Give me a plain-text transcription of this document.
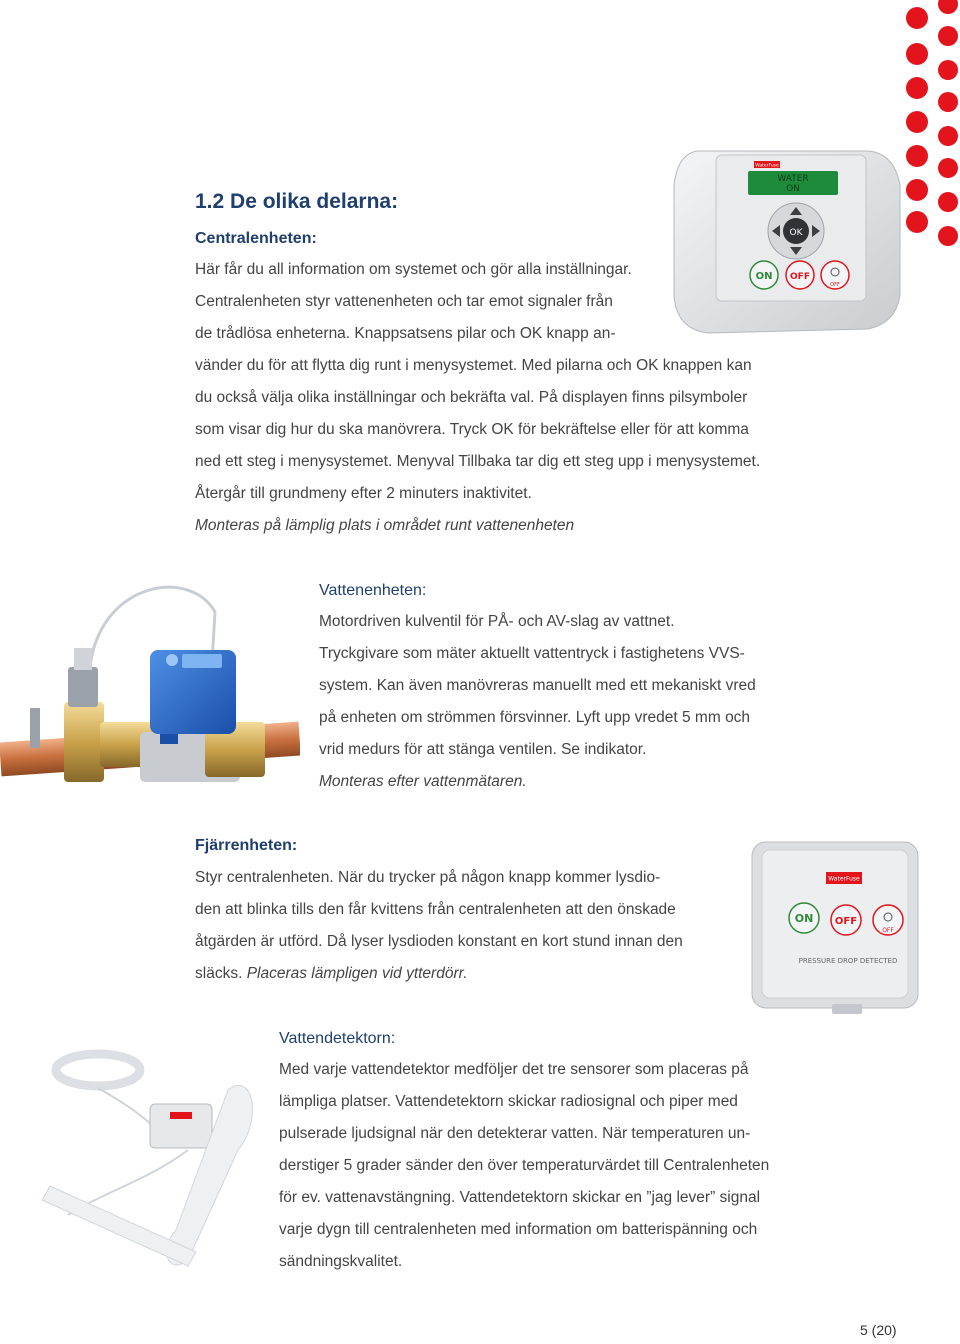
1.2 De olika delarna:
Centralenheten:
Här får du all information om systemet och gör alla inställningar.
Centralenheten styr vattenenheten och tar emot signaler från
de trådlösa enheterna. Knappsatsens pilar och OK knapp an-
vänder du för att flytta dig runt i menysystemet. Med pilarna och OK knappen kan
du också välja olika inställningar och bekräfta val. På displayen finns pilsymboler
som visar dig hur du ska manövrera. Tryck OK för bekräftelse eller för att komma
ned ett steg i menysystemet. Menyval Tillbaka tar dig ett steg upp i menysystemet.
Återgår till grundmeny efter 2 minuters inaktivitet.
Monteras på lämplig plats i området runt vattenenheten
WaterFuse
WATER
ON
OK
ON OFF
OFF
Vattenenheten:
Motordriven kulventil för PÅ- och AV-slag av vattnet.
Tryckgivare som mäter aktuellt vattentryck i fastighetens VVS-
system. Kan även manövreras manuellt med ett mekaniskt vred
på enheten om strömmen försvinner. Lyft upp vredet 5 mm och
vrid medurs för att stänga ventilen. Se indikator.
Monteras efter vattenmätaren.
Fjärrenheten:
Styr centralenheten. När du trycker på någon knapp kommer lysdio-
den att blinka tills den får kvittens från centralenheten att den önskade
åtgärden är utförd. Då lyser lysdioden konstant en kort stund innan den
släcks. Placeras lämpligen vid ytterdörr.
WaterFuse
ON OFF
OFF
PRESSURE DROP DETECTED
Vattendetektorn:
Med varje vattendetektor medföljer det tre sensorer som placeras på
lämpliga platser. Vattendetektorn skickar radiosignal och piper med
pulserade ljudsignal när den detekterar vatten. När temperaturen un-
derstiger 5 grader sänder den över temperaturvärdet till Centralenheten
för ev. vattenavstängning. Vattendetektorn skickar en ”jag lever” signal
varje dygn till centralenheten med information om batterispänning och
sändningskvalitet.
5 (20)
